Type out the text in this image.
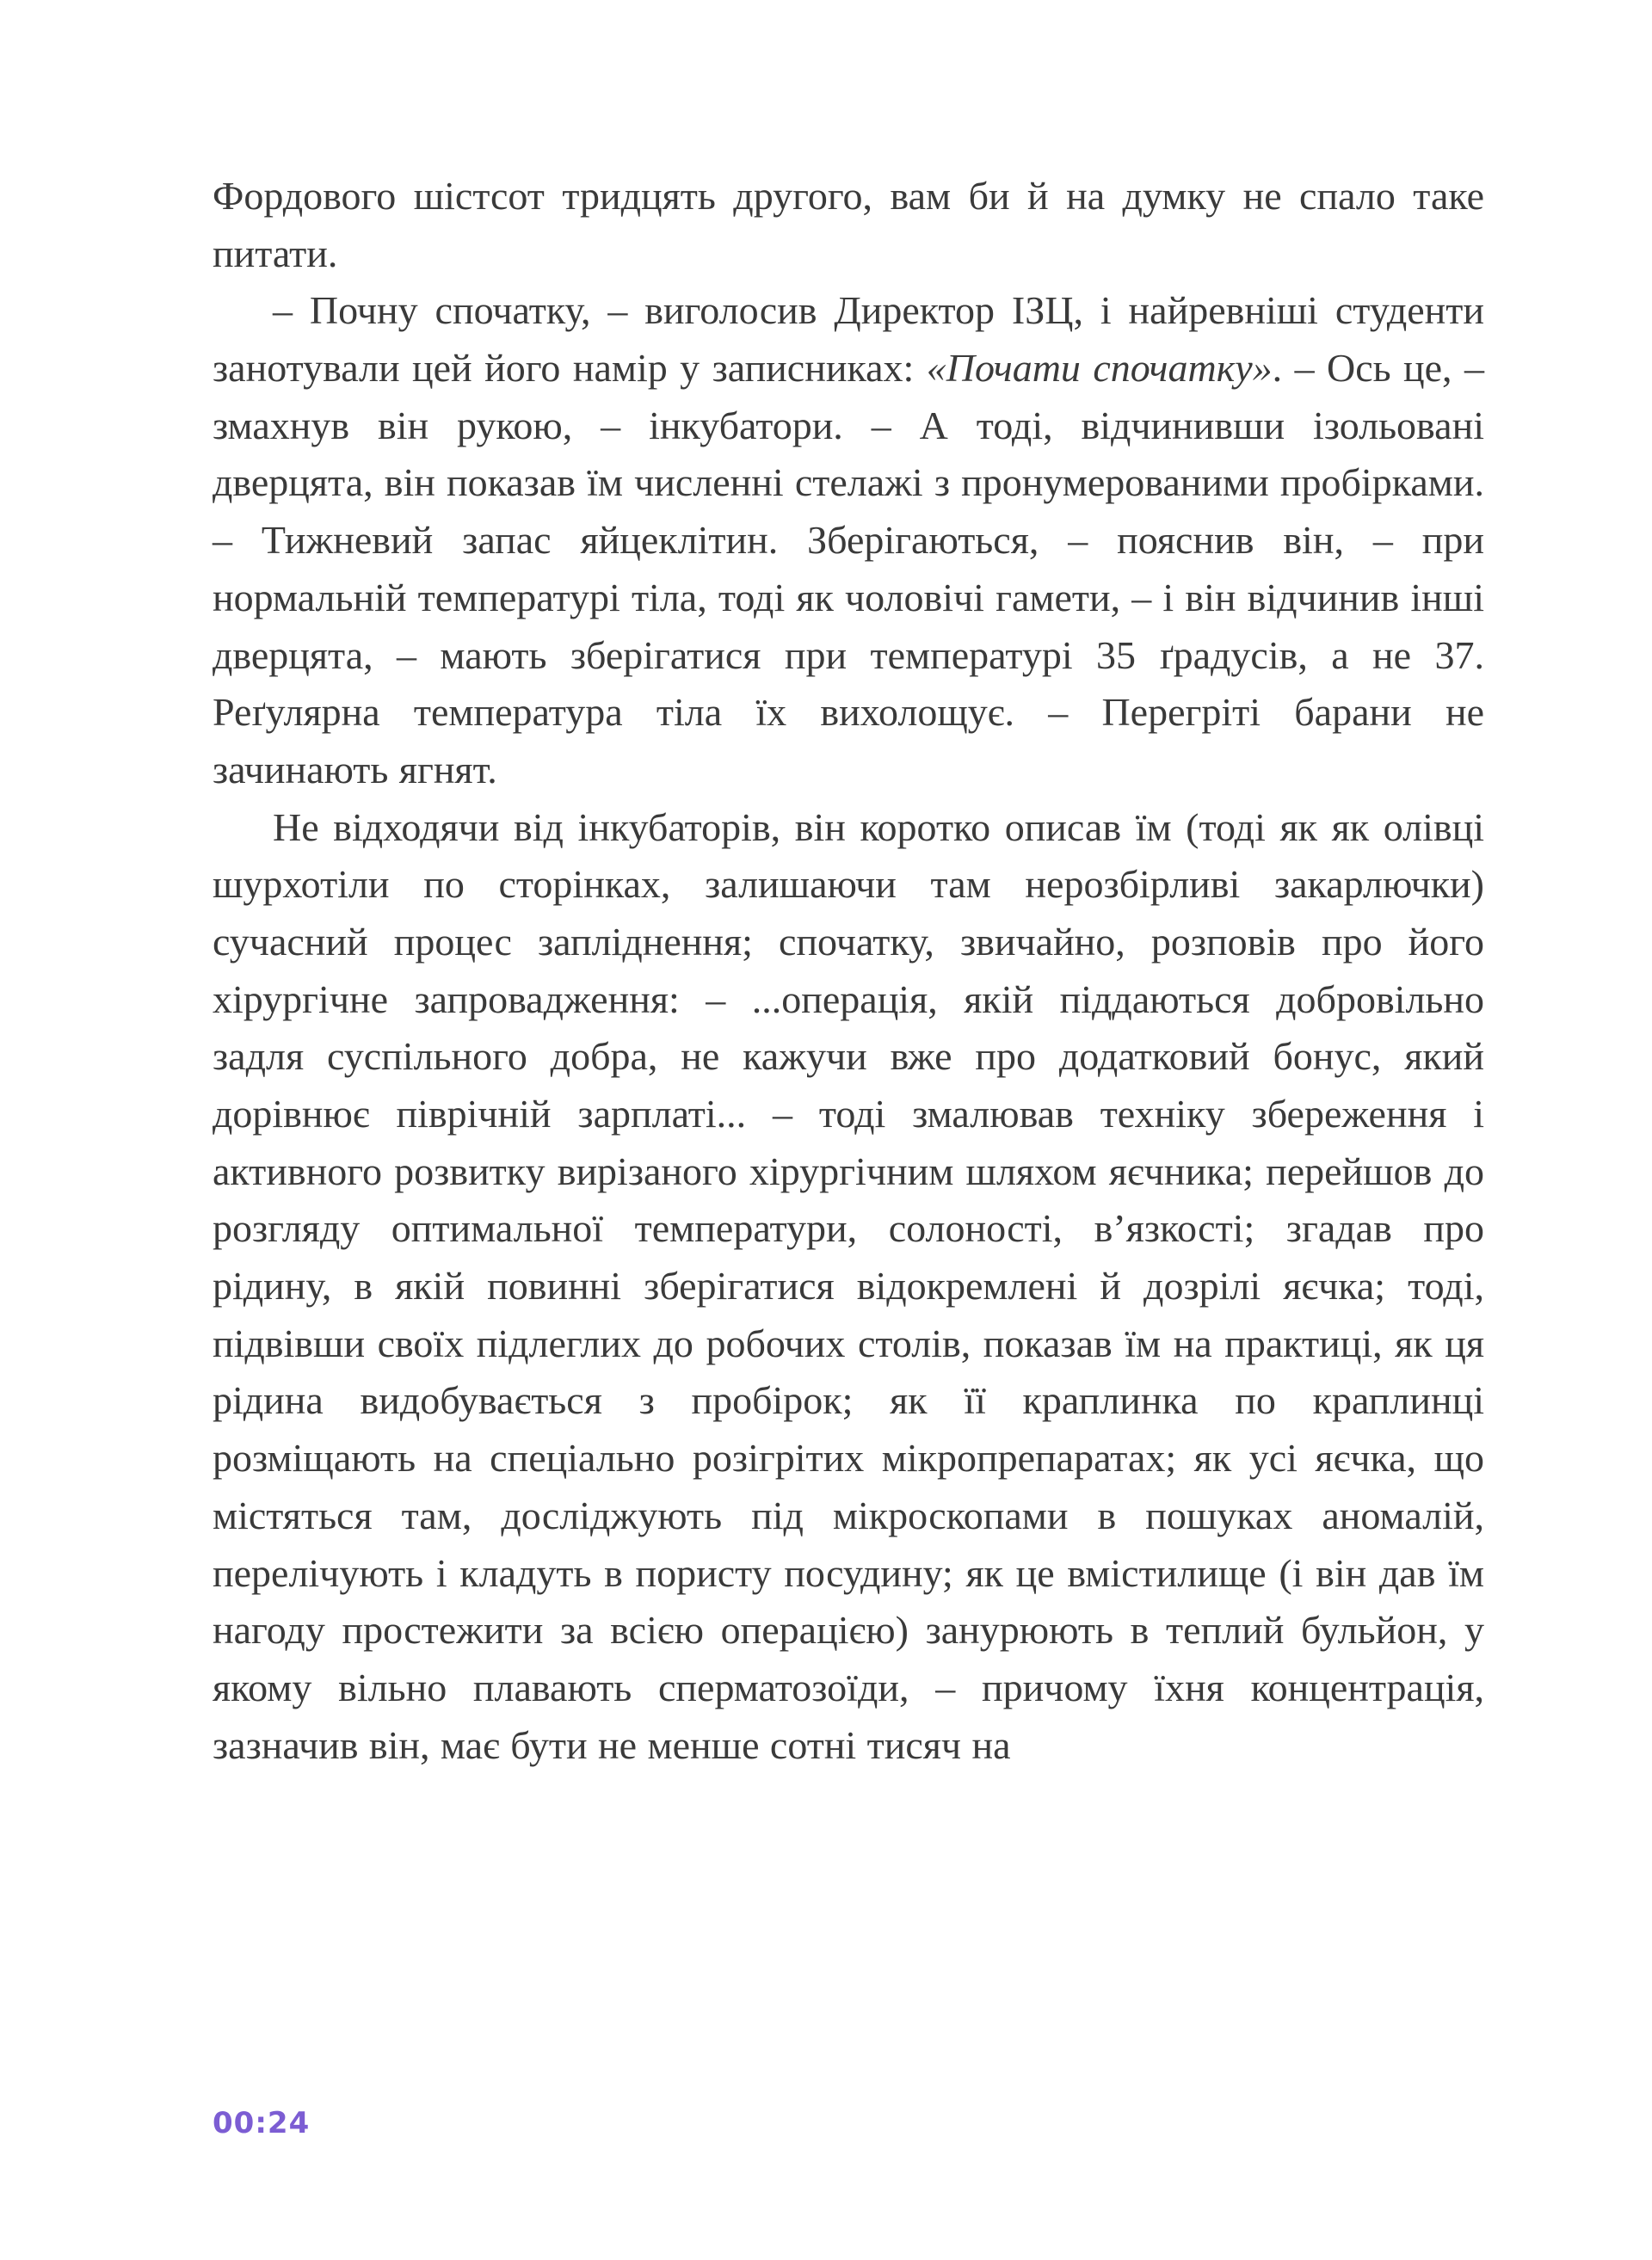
Фордового шістсот тридцять другого, вам би й на думку не спало таке питати.

– Почну спочатку, – виголосив Директор ІЗЦ, і найревніші студенти занотували цей його намір у записниках: «Почати спочатку». – Ось це, – змахнув він рукою, – інкубатори. – А тоді, відчинивши ізольовані дверцята, він показав їм численні стелажі з пронумерованими пробірками. – Тижневий запас яйцеклітин. Зберігаються, – пояснив він, – при нормальній температурі тіла, тоді як чоловічі гамети, – і він відчинив інші дверцята, – мають зберігатися при температурі 35 ґрадусів, а не 37. Реґулярна температура тіла їх вихолощує. – Перегріті барани не зачинають ягнят.

Не відходячи від інкубаторів, він коротко описав їм (тоді як як олівці шурхотіли по сторінках, залишаючи там нерозбірливі закарлючки) сучасний процес запліднення; спочатку, звичайно, розповів про його хірургічне запровадження: – ...операція, якій піддаються добровільно задля суспільного добра, не кажучи вже про додатковий бонус, який дорівнює піврічній зарплаті... – тоді змалював техніку збереження і активного розвитку вирізаного хірургічним шляхом яєчника; перейшов до розгляду оптимальної температури, солоності, в’язкості; згадав про рідину, в якій повинні зберігатися відокремлені й дозрілі яєчка; тоді, підвівши своїх підлеглих до робочих столів, показав їм на практиці, як ця рідина видобувається з пробірок; як її краплинка по краплинці розміщають на спеціально розігрітих мікропрепаратах; як усі яєчка, що містяться там, досліджують під мікроскопами в пошуках аномалій, перелічують і кладуть в пористу посудину; як це вмістилище (і він дав їм нагоду простежити за всією операцією) занурюють в теплий бульйон, у якому вільно плавають сперматозоїди, – причому їхня концентрація, зазначив він, має бути не менше сотні тисяч на

00:24
